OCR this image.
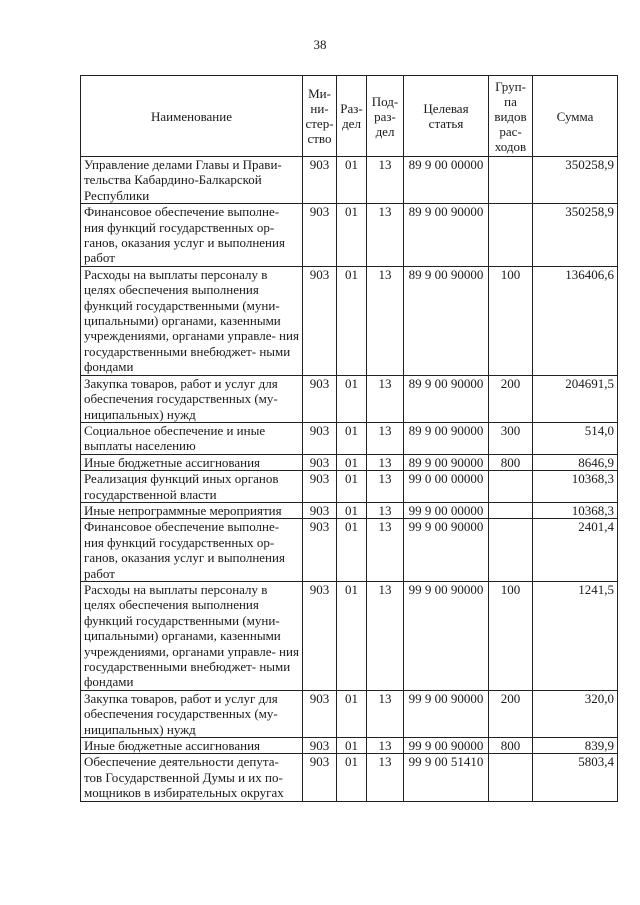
38
Наименование	Ми- ни- стер- ство	Раз- дел	Под- раз- дел	Целевая статья	Груп- па видов рас- ходов	Сумма
Управление делами Главы и Прави- тельства Кабардино-Балкарской Республики	903	01	13	89 9 00 00000		350258,9
Финансовое обеспечение выполне- ния функций государственных ор- ганов, оказания услуг и выполнения работ	903	01	13	89 9 00 90000		350258,9
Расходы на выплаты персоналу в целях обеспечения выполнения функций государственными (муни- ципальными) органами, казенными учреждениями, органами управле- ния государственными внебюджет- ными фондами	903	01	13	89 9 00 90000	100	136406,6
Закупка товаров, работ и услуг для обеспечения государственных (му- ниципальных) нужд	903	01	13	89 9 00 90000	200	204691,5
Социальное обеспечение и иные выплаты населению	903	01	13	89 9 00 90000	300	514,0
Иные бюджетные ассигнования	903	01	13	89 9 00 90000	800	8646,9
Реализация функций иных органов государственной власти	903	01	13	99 0 00 00000		10368,3
Иные непрограммные мероприятия	903	01	13	99 9 00 00000		10368,3
Финансовое обеспечение выполне- ния функций государственных ор- ганов, оказания услуг и выполнения работ	903	01	13	99 9 00 90000		2401,4
Расходы на выплаты персоналу в целях обеспечения выполнения функций государственными (муни- ципальными) органами, казенными учреждениями, органами управле- ния государственными внебюджет- ными фондами	903	01	13	99 9 00 90000	100	1241,5
Закупка товаров, работ и услуг для обеспечения государственных (му- ниципальных) нужд	903	01	13	99 9 00 90000	200	320,0
Иные бюджетные ассигнования	903	01	13	99 9 00 90000	800	839,9
Обеспечение деятельности депута- тов Государственной Думы и их по- мощников в избирательных округах	903	01	13	99 9 00 51410		5803,4
